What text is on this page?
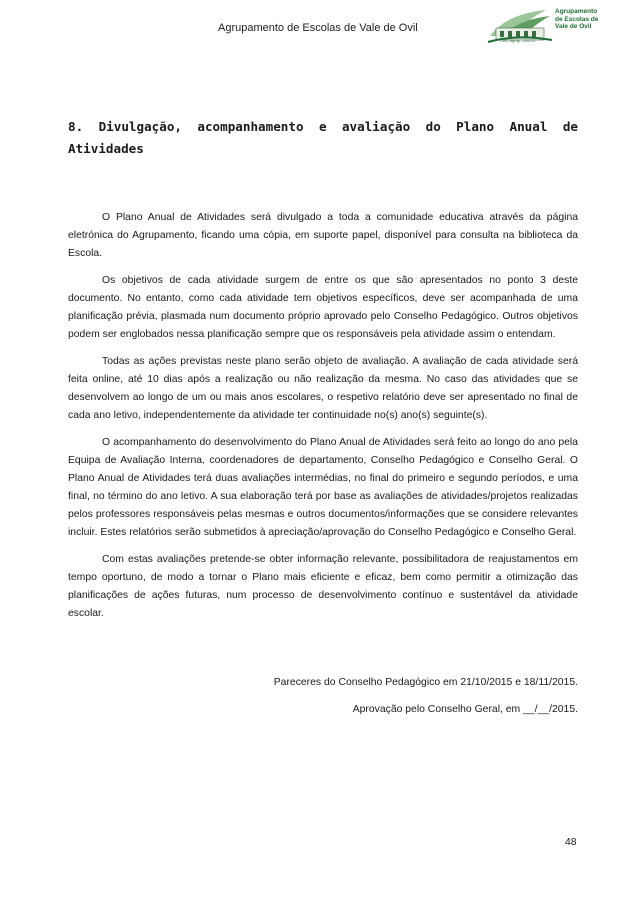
Agrupamento de Escolas de Vale de Ovil
Agrupamento de Escolas de Vale de Ovil
Cód. Agrup. 150721
8. Divulgação, acompanhamento e avaliação do Plano Anual de
Atividades

O Plano Anual de Atividades será divulgado a toda a comunidade educativa através da página eletrónica do Agrupamento, ficando uma cópia, em suporte papel, disponível para consulta na biblioteca da Escola.

Os objetivos de cada atividade surgem de entre os que são apresentados no ponto 3 deste documento. No entanto, como cada atividade tem objetivos específicos, deve ser acompanhada de uma planificação prévia, plasmada num documento próprio aprovado pelo Conselho Pedagógico. Outros objetivos podem ser englobados nessa planificação sempre que os responsáveis pela atividade assim o entendam.

Todas as ações previstas neste plano serão objeto de avaliação. A avaliação de cada atividade será feita online, até 10 dias após a realização ou não realização da mesma. No caso das atividades que se desenvolvem ao longo de um ou mais anos escolares, o respetivo relatório deve ser apresentado no final de cada ano letivo, independentemente da atividade ter continuidade no(s) ano(s) seguinte(s).

O acompanhamento do desenvolvimento do Plano Anual de Atividades será feito ao longo do ano pela Equipa de Avaliação Interna, coordenadores de departamento, Conselho Pedagógico e Conselho Geral. O Plano Anual de Atividades terá duas avaliações intermédias, no final do primeiro e segundo períodos, e uma final, no término do ano letivo. A sua elaboração terá por base as avaliações de atividades/projetos realizadas pelos professores responsáveis pelas mesmas e outros documentos/informações que se considere relevantes incluir. Estes relatórios serão submetidos à apreciação/aprovação do Conselho Pedagógico e Conselho Geral.

Com estas avaliações pretende-se obter informação relevante, possibilitadora de reajustamentos em tempo oportuno, de modo a tornar o Plano mais eficiente e eficaz, bem como permitir a otimização das planificações de ações futuras, num processo de desenvolvimento contínuo e sustentável da atividade escolar.

Pareceres do Conselho Pedagógico em 21/10/2015 e 18/11/2015.
Aprovação pelo Conselho Geral, em __/__/2015.
48
